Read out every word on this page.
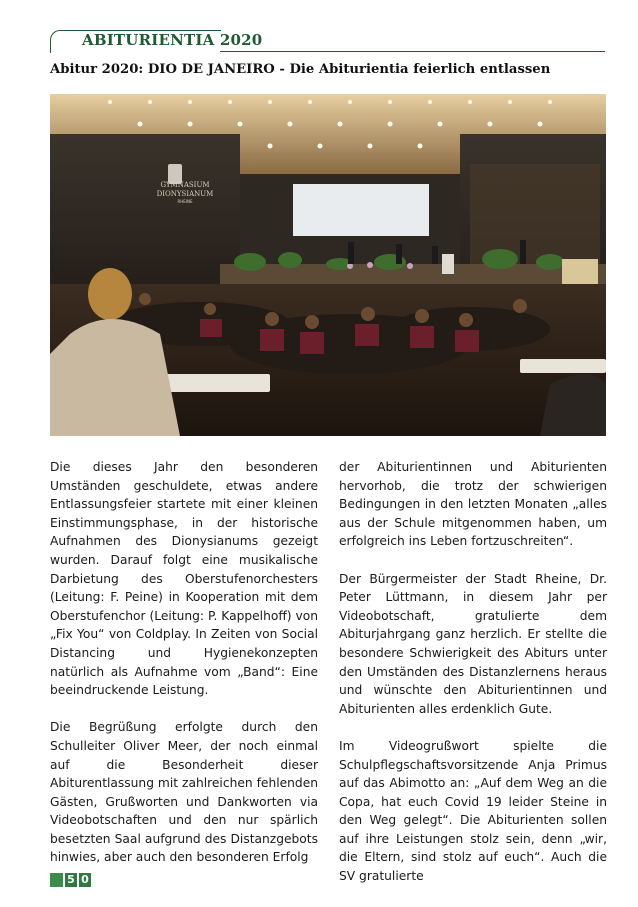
ABITURIENTIA 2020
Abitur 2020: DIO DE JANEIRO - Die Abiturientia feierlich entlassen
GYMNASIUM
DIONYSIANUM
RHEINE

Die dieses Jahr den besonderen Umständen geschuldete, etwas andere Entlassungsfeier startete mit einer kleinen Einstimmungsphase, in der historische Aufnahmen des Dionysianums gezeigt wurden. Darauf folgt eine musikalische Darbietung des Oberstufenorchesters (Leitung: F. Peine) in Kooperation mit dem Oberstufenchor (Leitung: P. Kappelhoff) von „Fix You“ von Coldplay. In Zeiten von Social Distancing und Hygienekonzepten natürlich als Aufnahme vom „Band“: Eine beeindruckende Leistung.

Die Begrüßung erfolgte durch den Schulleiter Oliver Meer, der noch einmal auf die Besonderheit dieser Abiturentlassung mit zahlreichen fehlenden Gästen, Grußworten und Dankworten via Videobotschaften und den nur spärlich besetzten Saal aufgrund des Distanzgebots hinwies, aber auch den besonderen Erfolg

der Abiturientinnen und Abiturienten hervorhob, die trotz der schwierigen Bedingungen in den letzten Monaten „alles aus der Schule mitgenommen haben, um erfolgreich ins Leben fortzuschreiten“.

Der Bürgermeister der Stadt Rheine, Dr. Peter Lüttmann, in diesem Jahr per Videobotschaft, gratulierte dem Abiturjahrgang ganz herzlich. Er stellte die besondere Schwierigkeit des Abiturs unter den Umständen des Distanzlernens heraus und wünschte den Abiturientinnen und Abiturienten alles erdenklich Gute.

Im Videogrußwort spielte die Schulpflegschaftsvorsitzende Anja Primus auf das Abimotto an: „Auf dem Weg an die Copa, hat euch Covid 19 leider Steine in den Weg gelegt“. Die Abiturienten sollen auf ihre Leistungen stolz sein, denn „wir, die Eltern, sind stolz auf euch“. Auch die SV gratulierte

5 0
